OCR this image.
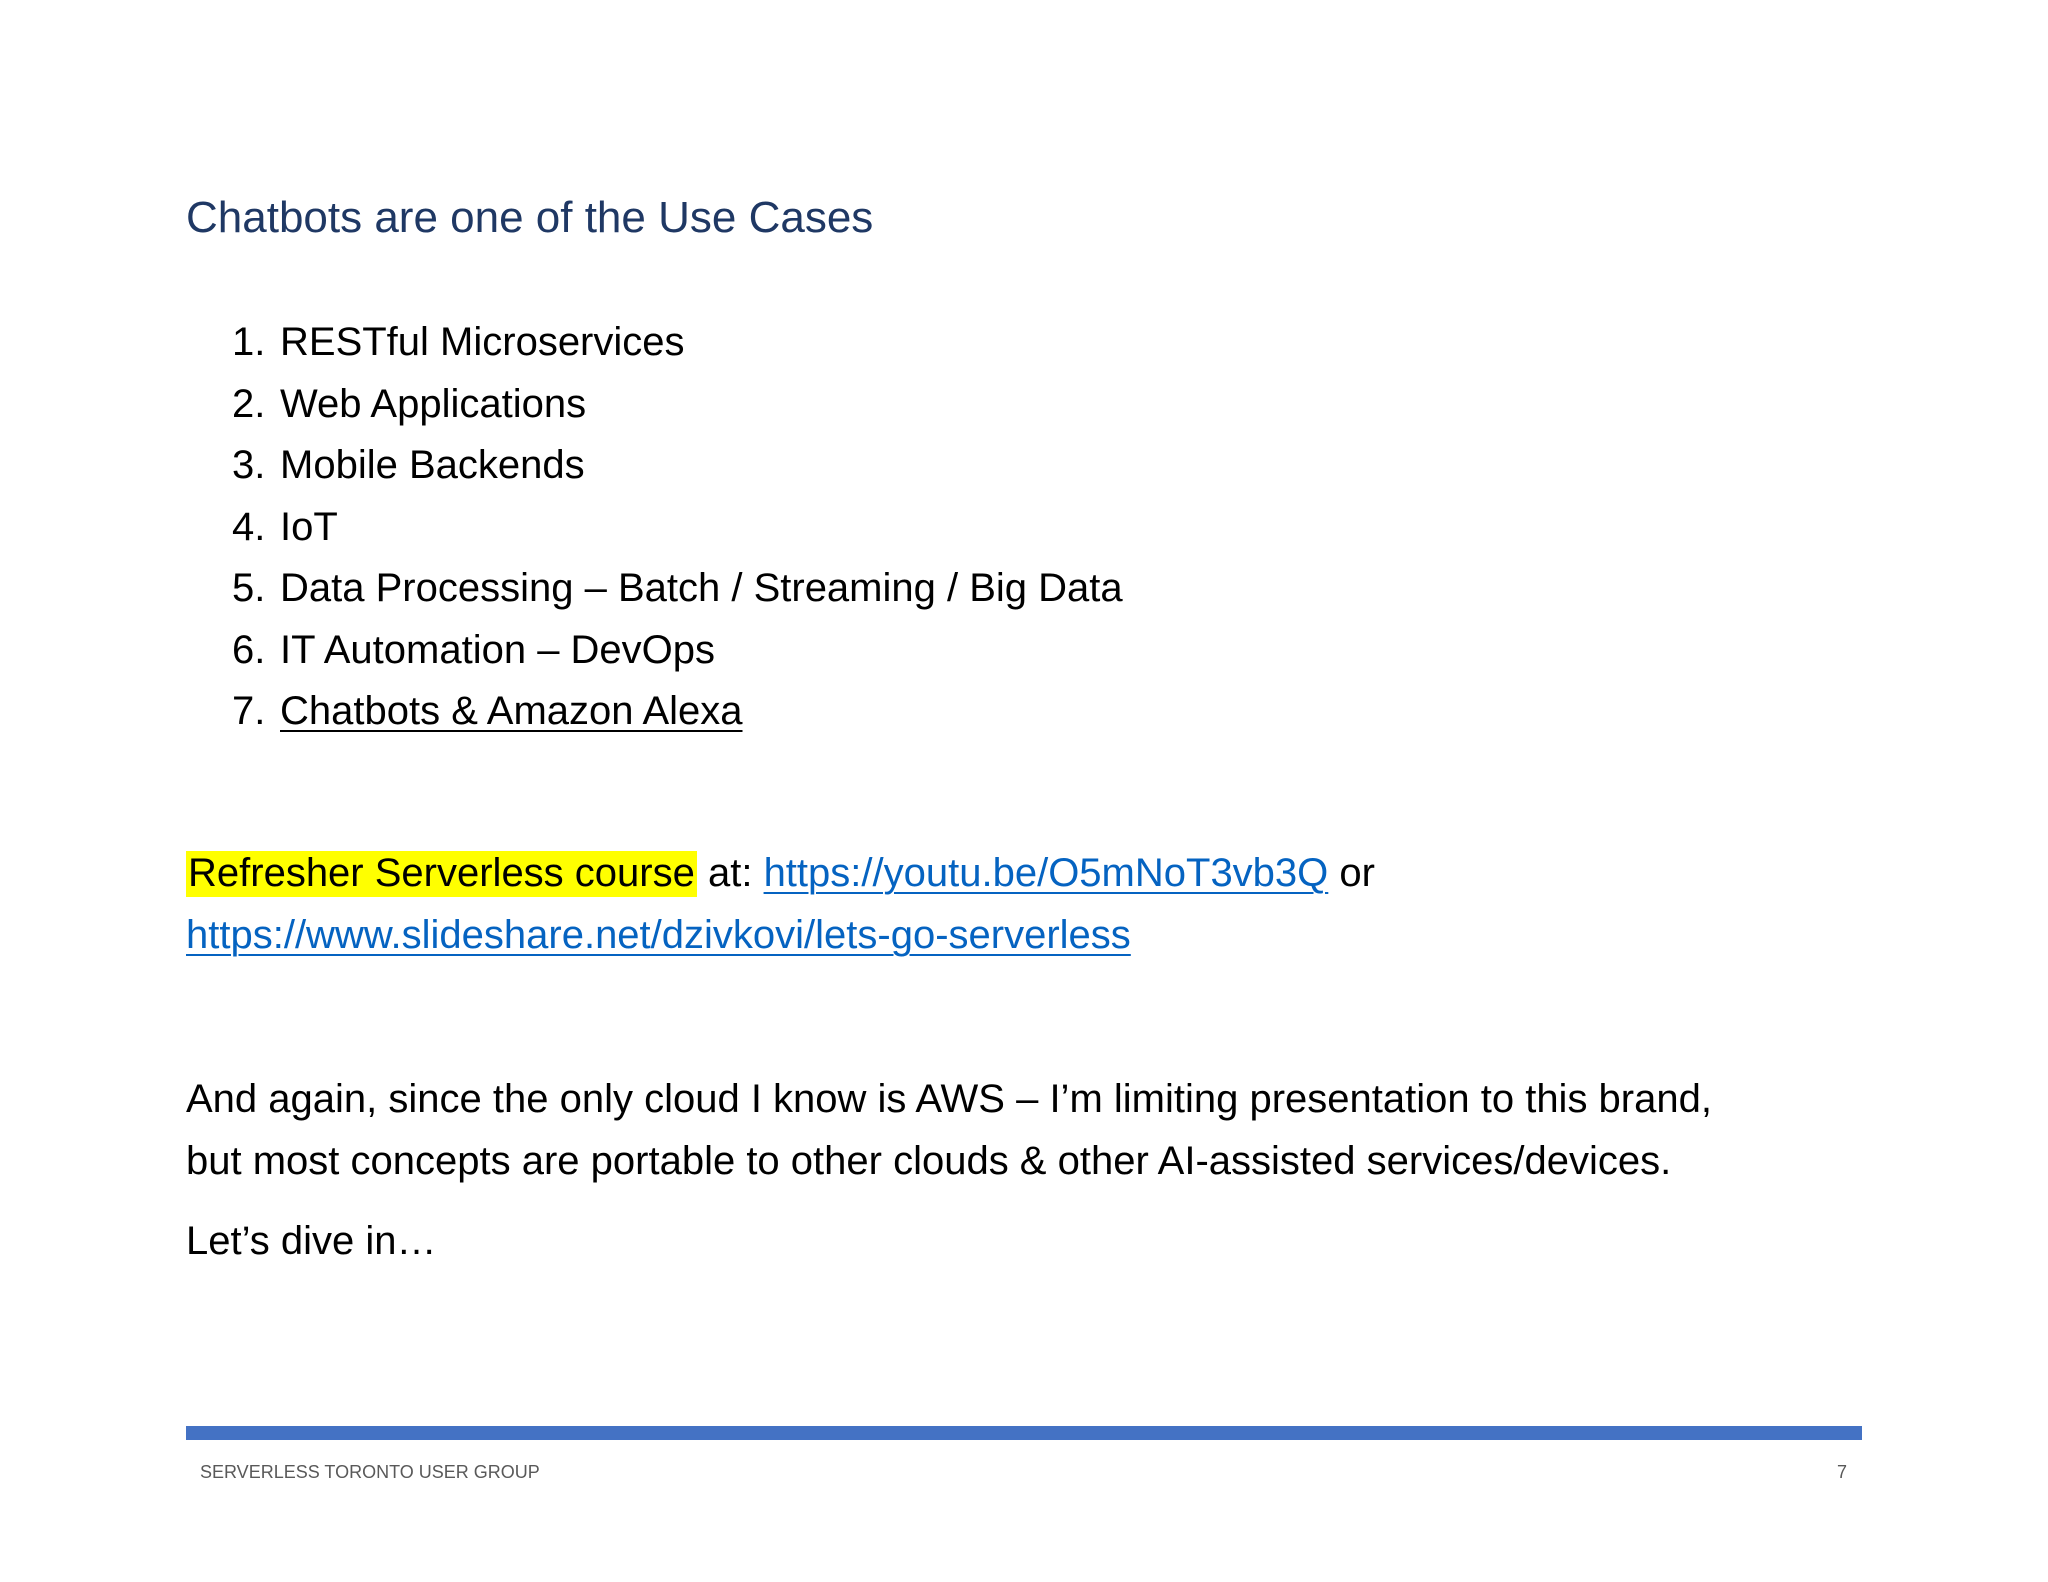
Chatbots are one of the Use Cases
1. RESTful Microservices
2. Web Applications
3. Mobile Backends
4. IoT
5. Data Processing – Batch / Streaming / Big Data
6. IT Automation – DevOps
7. Chatbots & Amazon Alexa
Refresher Serverless course at: https://youtu.be/O5mNoT3vb3Q or
https://www.slideshare.net/dzivkovi/lets-go-serverless
And again, since the only cloud I know is AWS – I’m limiting presentation to this brand,
but most concepts are portable to other clouds & other AI-assisted services/devices.
Let’s dive in…
SERVERLESS TORONTO USER GROUP	7
